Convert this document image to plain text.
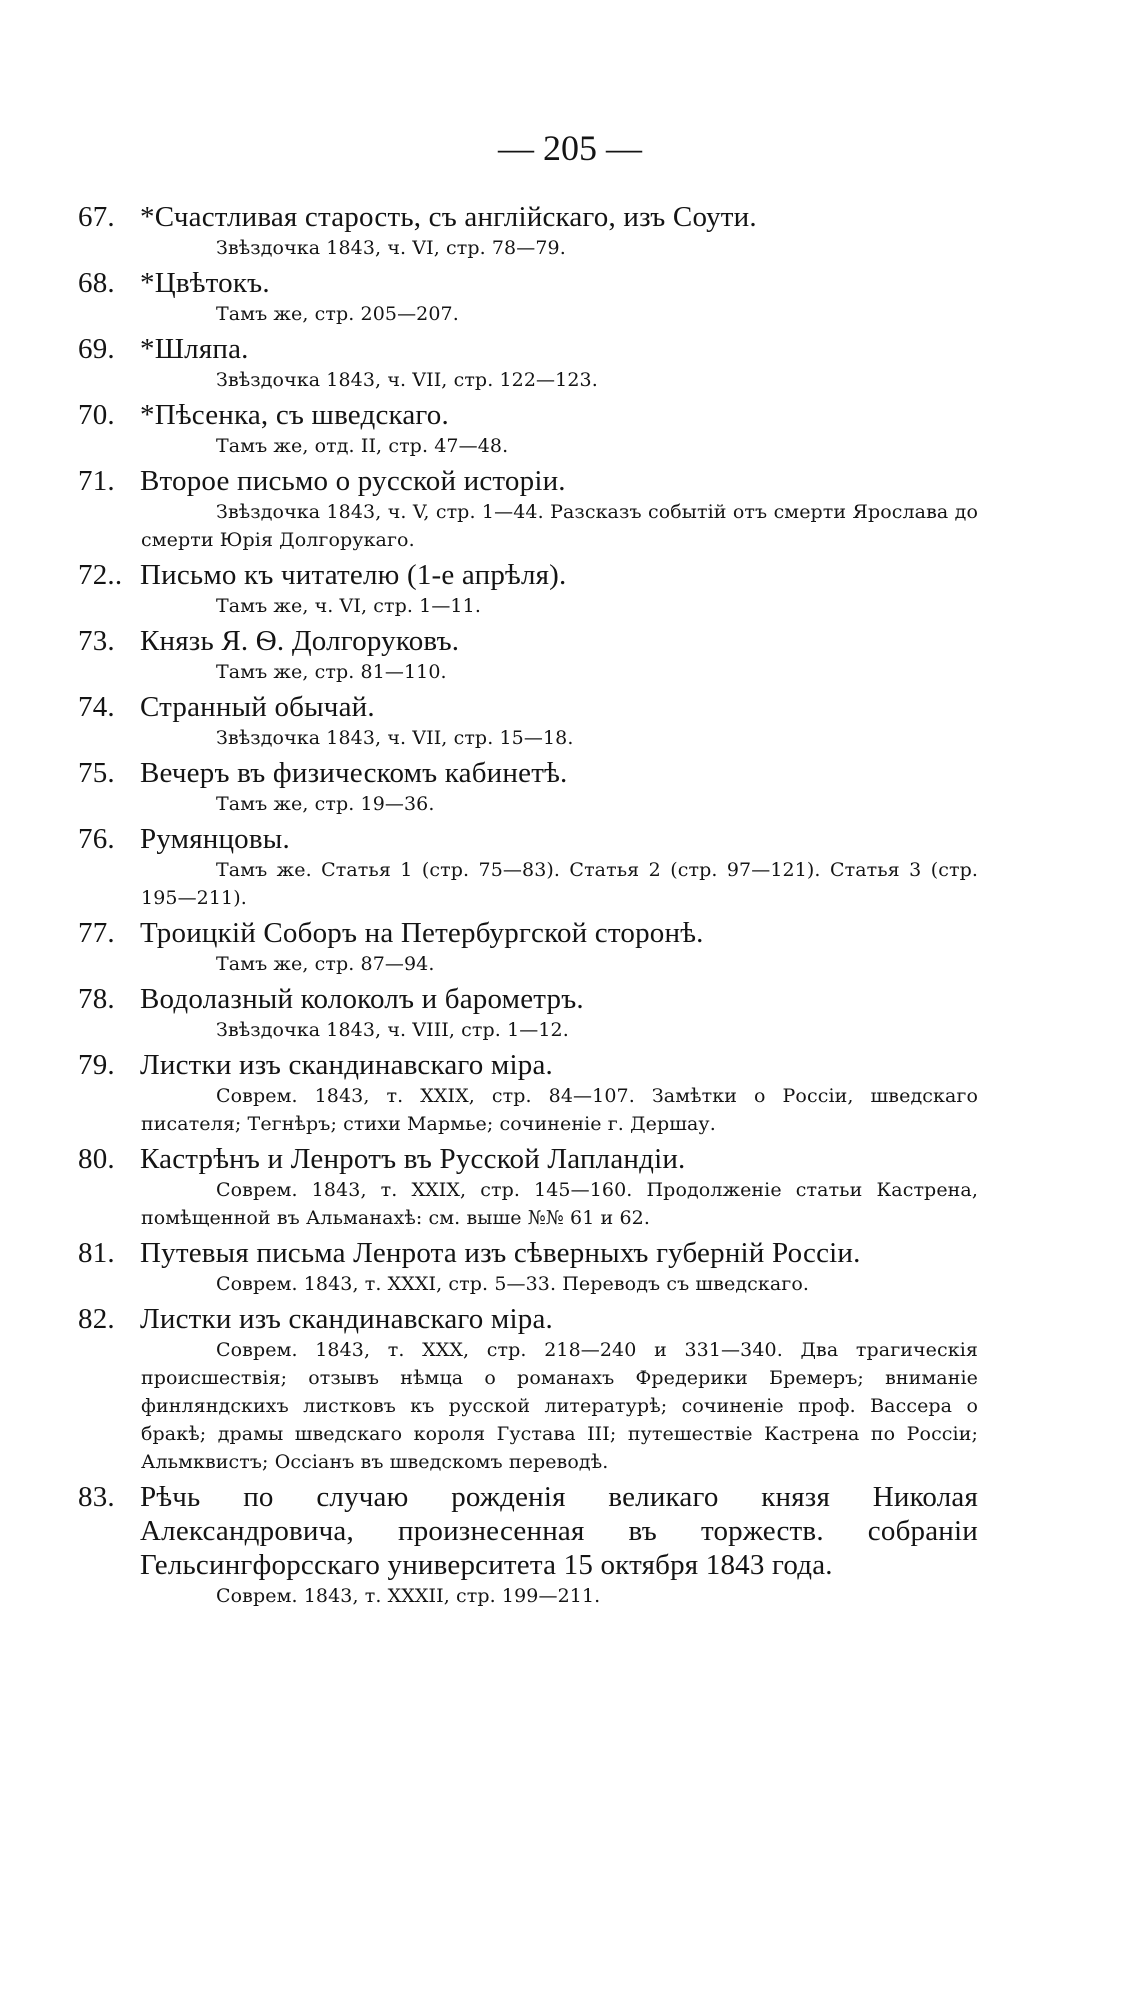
— 205 —
67. *Счастливая старость, съ англійскаго, изъ Соути.
Звѣздочка 1843, ч. VI, стр. 78—79.
68. *Цвѣтокъ.
Тамъ же, стр. 205—207.
69. *Шляпа.
Звѣздочка 1843, ч. VII, стр. 122—123.
70. *Пѣсенка, съ шведскаго.
Тамъ же, отд. II, стр. 47—48.
71. Второе письмо о русской исторіи.
Звѣздочка 1843, ч. V, стр. 1—44. Разсказъ событій отъ смерти Ярослава до смерти Юрія Долгорукаго.
72.. Письмо къ читателю (1-е апрѣля).
Тамъ же, ч. VI, стр. 1—11.
73. Князь Я. Ѳ. Долгоруковъ.
Тамъ же, стр. 81—110.
74. Странный обычай.
Звѣздочка 1843, ч. VII, стр. 15—18.
75. Вечеръ въ физическомъ кабинетѣ.
Тамъ же, стр. 19—36.
76. Румянцовы.
Тамъ же. Статья 1 (стр. 75—83). Статья 2 (стр. 97—121). Статья 3 (стр. 195—211).
77. Троицкій Соборъ на Петербургской сторонѣ.
Тамъ же, стр. 87—94.
78. Водолазный колоколъ и барометръ.
Звѣздочка 1843, ч. VIII, стр. 1—12.
79. Листки изъ скандинавскаго міра.
Соврем. 1843, т. XXIX, стр. 84—107. Замѣтки о Россіи, шведскаго писателя; Тегнѣръ; стихи Мармье; сочиненіе г. Дершау.
80. Кастрѣнъ и Ленротъ въ Русской Лапландіи.
Соврем. 1843, т. XXIX, стр. 145—160. Продолженіе статьи Кастрена, помѣщенной въ Альманахѣ: см. выше №№ 61 и 62.
81. Путевыя письма Ленрота изъ сѣверныхъ губерній Россіи.
Соврем. 1843, т. XXXI, стр. 5—33. Переводъ съ шведскаго.
82. Листки изъ скандинавскаго міра.
Соврем. 1843, т. XXX, стр. 218—240 и 331—340. Два трагическія происшествія; отзывъ нѣмца о романахъ Фредерики Бремеръ; вниманіе финляндскихъ листковъ къ русской литературѣ; сочиненіе проф. Вассера о бракѣ; драмы шведскаго короля Густава III; путешествіе Кастрена по Россіи; Альмквистъ; Оссіанъ въ шведскомъ переводѣ.
83. Рѣчь по случаю рожденія великаго князя Николая Александровича, произнесенная въ торжеств. собраніи Гельсингфорсскаго университета 15 октября 1843 года.
Соврем. 1843, т. XXXII, стр. 199—211.
